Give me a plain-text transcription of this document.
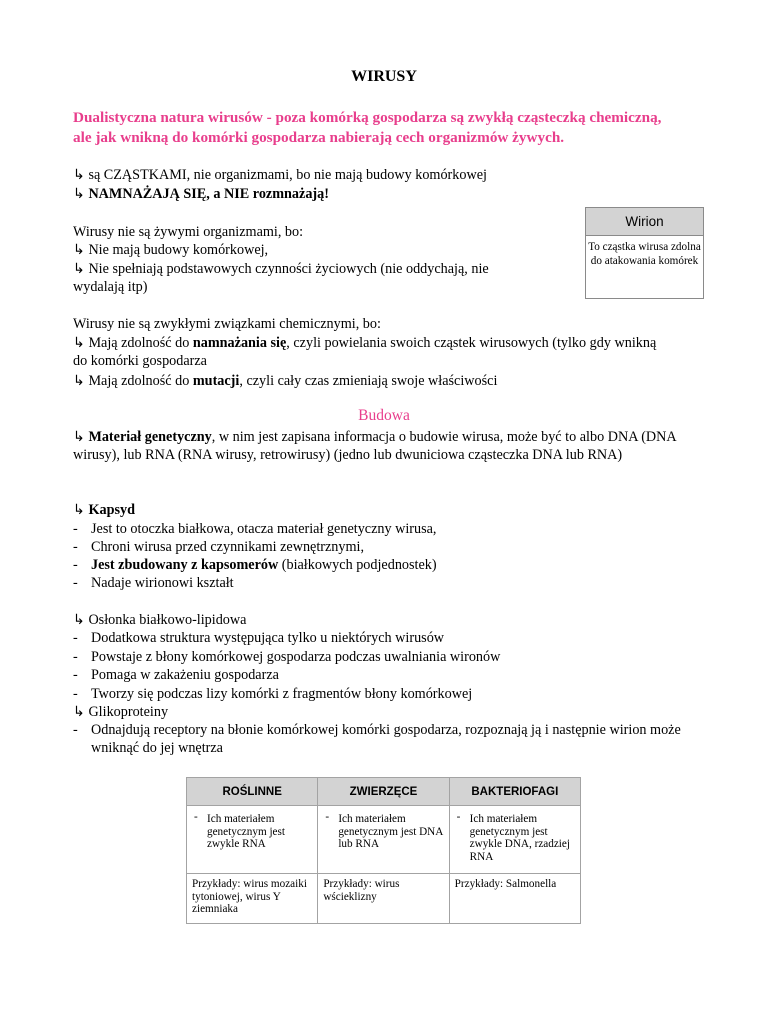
WIRUSY
Dualistyczna natura wirusów - poza komórką gospodarza są zwykłą cząsteczką chemiczną, ale jak wnikną do komórki gospodarza nabierają cech organizmów żywych.
↳ są CZĄSTKAMI, nie organizmami, bo nie mają budowy komórkowej
↳ NAMNAŻAJĄ SIĘ, a NIE rozmnażają!
Wirusy nie są żywymi organizmami, bo:
↳ Nie mają budowy komórkowej,
↳ Nie spełniają podstawowych czynności życiowych (nie oddychają, nie wydalają itp)
Wirion
To cząstka wirusa zdolna do atakowania komórek
Wirusy nie są zwykłymi związkami chemicznymi, bo:
↳ Mają zdolność do namnażania się, czyli powielania swoich cząstek wirusowych (tylko gdy wnikną do komórki gospodarza
↳ Mają zdolność do mutacji, czyli cały czas zmieniają swoje właściwości
Budowa
↳ Materiał genetyczny, w nim jest zapisana informacja o budowie wirusa, może być to albo DNA (DNA wirusy), lub RNA (RNA wirusy, retrowirusy) (jedno lub dwuniciowa cząsteczka DNA lub RNA)
↳ Kapsyd
- Jest to otoczka białkowa, otacza materiał genetyczny wirusa,
- Chroni wirusa przed czynnikami zewnętrznymi,
- Jest zbudowany z kapsomerów (białkowych podjednostek)
- Nadaje wirionowi kształt
↳ Osłonka białkowo-lipidowa
- Dodatkowa struktura występująca tylko u niektórych wirusów
- Powstaje z błony komórkowej gospodarza podczas uwalniania wironów
- Pomaga w zakażeniu gospodarza
- Tworzy się podczas lizy komórki z fragmentów błony komórkowej
↳ Glikoproteiny
- Odnajdują receptory na błonie komórkowej komórki gospodarza, rozpoznają ją i następnie wirion może wniknąć do jej wnętrza
ROŚLINNE	ZWIERZĘCE	BAKTERIOFAGI

- Ich materiałem genetycznym jest zwykle RNA	- Ich materiałem genetycznym jest DNA lub RNA	- Ich materiałem genetycznym jest zwykle DNA, rzadziej RNA

Przykłady: wirus mozaiki tytoniowej, wirus Y ziemniaka	Przykłady: wirus wścieklizny	Przykłady: Salmonella
